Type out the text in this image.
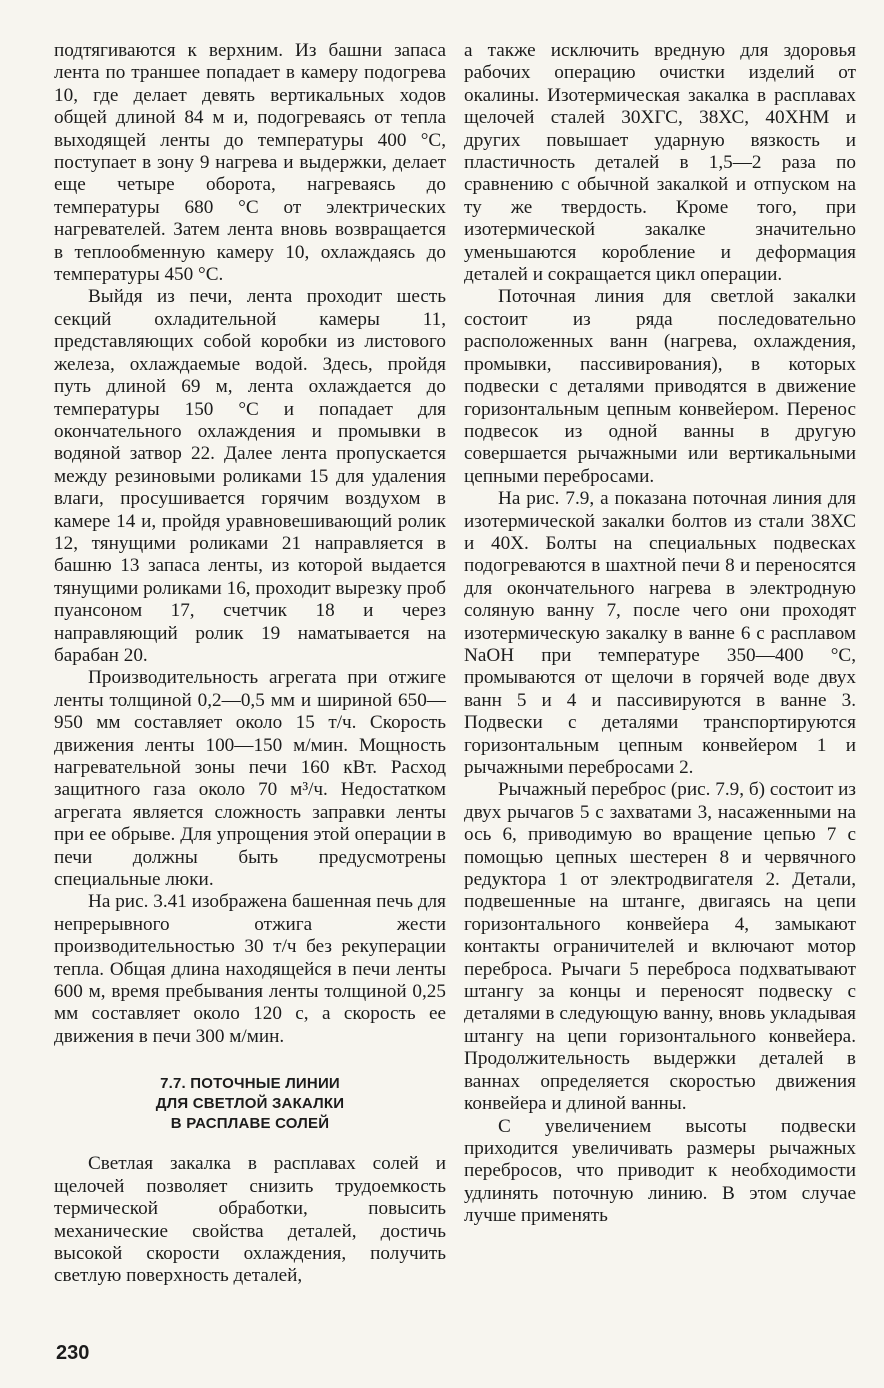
подтягиваются к верхним. Из башни запаса лента по траншее попадает в камеру подогрева 10, где делает девять вертикальных ходов общей длиной 84 м и, подогреваясь от тепла выходящей ленты до температуры 400 °С, поступает в зону 9 нагрева и выдержки, делает еще четыре оборота, нагреваясь до температуры 680 °С от электрических нагревателей. Затем лента вновь возвращается в теплообменную камеру 10, охлаждаясь до температуры 450 °С.

Выйдя из печи, лента проходит шесть секций охладительной камеры 11, представляющих собой коробки из листового железа, охлаждаемые водой. Здесь, пройдя путь длиной 69 м, лента охлаждается до температуры 150 °С и попадает для окончательного охлаждения и промывки в водяной затвор 22. Далее лента пропускается между резиновыми роликами 15 для удаления влаги, просушивается горячим воздухом в камере 14 и, пройдя уравновешивающий ролик 12, тянущими роликами 21 направляется в башню 13 запаса ленты, из которой выдается тянущими роликами 16, проходит вырезку проб пуансоном 17, счетчик 18 и через направляющий ролик 19 наматывается на барабан 20.

Производительность агрегата при отжиге ленты толщиной 0,2—0,5 мм и шириной 650—950 мм составляет около 15 т/ч. Скорость движения ленты 100—150 м/мин. Мощность нагревательной зоны печи 160 кВт. Расход защитного газа около 70 м³/ч. Недостатком агрегата является сложность заправки ленты при ее обрыве. Для упрощения этой операции в печи должны быть предусмотрены специальные люки.

На рис. 3.41 изображена башенная печь для непрерывного отжига жести производительностью 30 т/ч без рекуперации тепла. Общая длина находящейся в печи ленты 600 м, время пребывания ленты толщиной 0,25 мм составляет около 120 с, а скорость ее движения в печи 300 м/мин.

7.7. ПОТОЧНЫЕ ЛИНИИ
ДЛЯ СВЕТЛОЙ ЗАКАЛКИ
В РАСПЛАВЕ СОЛЕЙ

Светлая закалка в расплавах солей и щелочей позволяет снизить трудоемкость термической обработки, повысить механические свойства деталей, достичь высокой скорости охлаждения, получить светлую поверхность деталей,

а также исключить вредную для здоровья рабочих операцию очистки изделий от окалины. Изотермическая закалка в расплавах щелочей сталей 30ХГС, 38ХС, 40ХНМ и других повышает ударную вязкость и пластичность деталей в 1,5—2 раза по сравнению с обычной закалкой и отпуском на ту же твердость. Кроме того, при изотермической закалке значительно уменьшаются коробление и деформация деталей и сокращается цикл операции.

Поточная линия для светлой закалки состоит из ряда последовательно расположенных ванн (нагрева, охлаждения, промывки, пассивирования), в которых подвески с деталями приводятся в движение горизонтальным цепным конвейером. Перенос подвесок из одной ванны в другую совершается рычажными или вертикальными цепными перебросами.

На рис. 7.9, а показана поточная линия для изотермической закалки болтов из стали 38ХС и 40Х. Болты на специальных подвесках подогреваются в шахтной печи 8 и переносятся для окончательного нагрева в электродную соляную ванну 7, после чего они проходят изотермическую закалку в ванне 6 с расплавом NaOH при температуре 350—400 °С, промываются от щелочи в горячей воде двух ванн 5 и 4 и пассивируются в ванне 3. Подвески с деталями транспортируются горизонтальным цепным конвейером 1 и рычажными перебросами 2.

Рычажный переброс (рис. 7.9, б) состоит из двух рычагов 5 с захватами 3, насаженными на ось 6, приводимую во вращение цепью 7 с помощью цепных шестерен 8 и червячного редуктора 1 от электродвигателя 2. Детали, подвешенные на штанге, двигаясь на цепи горизонтального конвейера 4, замыкают контакты ограничителей и включают мотор переброса. Рычаги 5 переброса подхватывают штангу за концы и переносят подвеску с деталями в следующую ванну, вновь укладывая штангу на цепи горизонтального конвейера. Продолжительность выдержки деталей в ваннах определяется скоростью движения конвейера и длиной ванны.

С увеличением высоты подвески приходится увеличивать размеры рычажных перебросов, что приводит к необходимости удлинять поточную линию. В этом случае лучше применять

230
